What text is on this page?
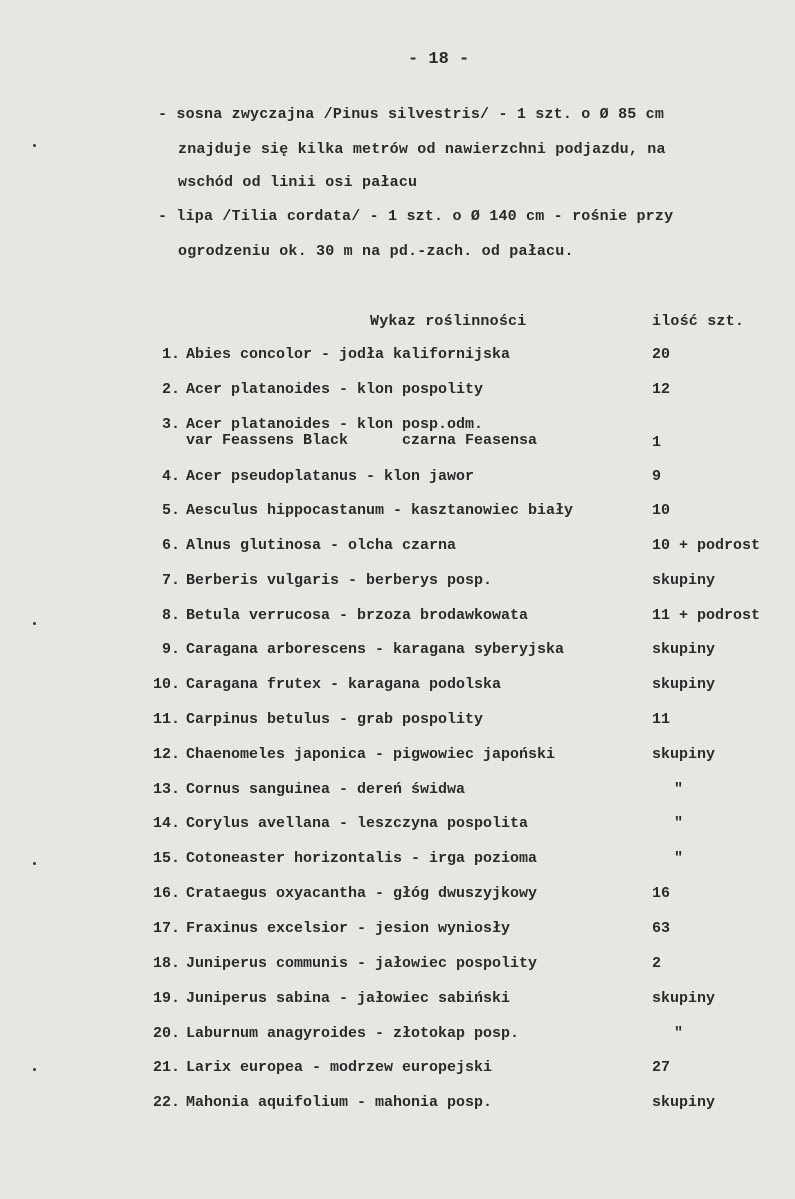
- 18 -
- sosna zwyczajna /Pinus silvestris/ - 1 szt. o Ø 85 cm
znajduje się kilka metrów od nawierzchni podjazdu, na
wschód od linii osi pałacu
- lipa /Tilia cordata/ - 1 szt. o Ø 140 cm - rośnie przy
ogrodzeniu ok. 30 m na pd.-zach. od pałacu.
Wykaz roślinności	ilość szt.
1. Abies concolor - jodła kalifornijska	20
2. Acer platanoides - klon pospolity	12
3. Acer platanoides - klon posp.odm.
var Feassens Black      czarna Feasensa	1
4. Acer pseudoplatanus - klon jawor	9
5. Aesculus hippocastanum - kasztanowiec biały	10
6. Alnus glutinosa - olcha czarna	10 + podrost
7. Berberis vulgaris - berberys posp.	skupiny
8. Betula verrucosa - brzoza brodawkowata	11 + podrost
9. Caragana arborescens - karagana syberyjska	skupiny
10. Caragana frutex - karagana podolska	skupiny
11. Carpinus betulus - grab pospolity	11
12. Chaenomeles japonica - pigwowiec japoński	skupiny
13. Cornus sanguinea - dereń świdwa	"
14. Corylus avellana - leszczyna pospolita	"
15. Cotoneaster horizontalis - irga pozioma	"
16. Crataegus oxyacantha - głóg dwuszyjkowy	16
17. Fraxinus excelsior - jesion wyniosły	63
18. Juniperus communis - jałowiec pospolity	2
19. Juniperus sabina - jałowiec sabiński	skupiny
20. Laburnum anagyroides - złotokap posp.	"
21. Larix europea - modrzew europejski	27
22. Mahonia aquifolium - mahonia posp.	skupiny
